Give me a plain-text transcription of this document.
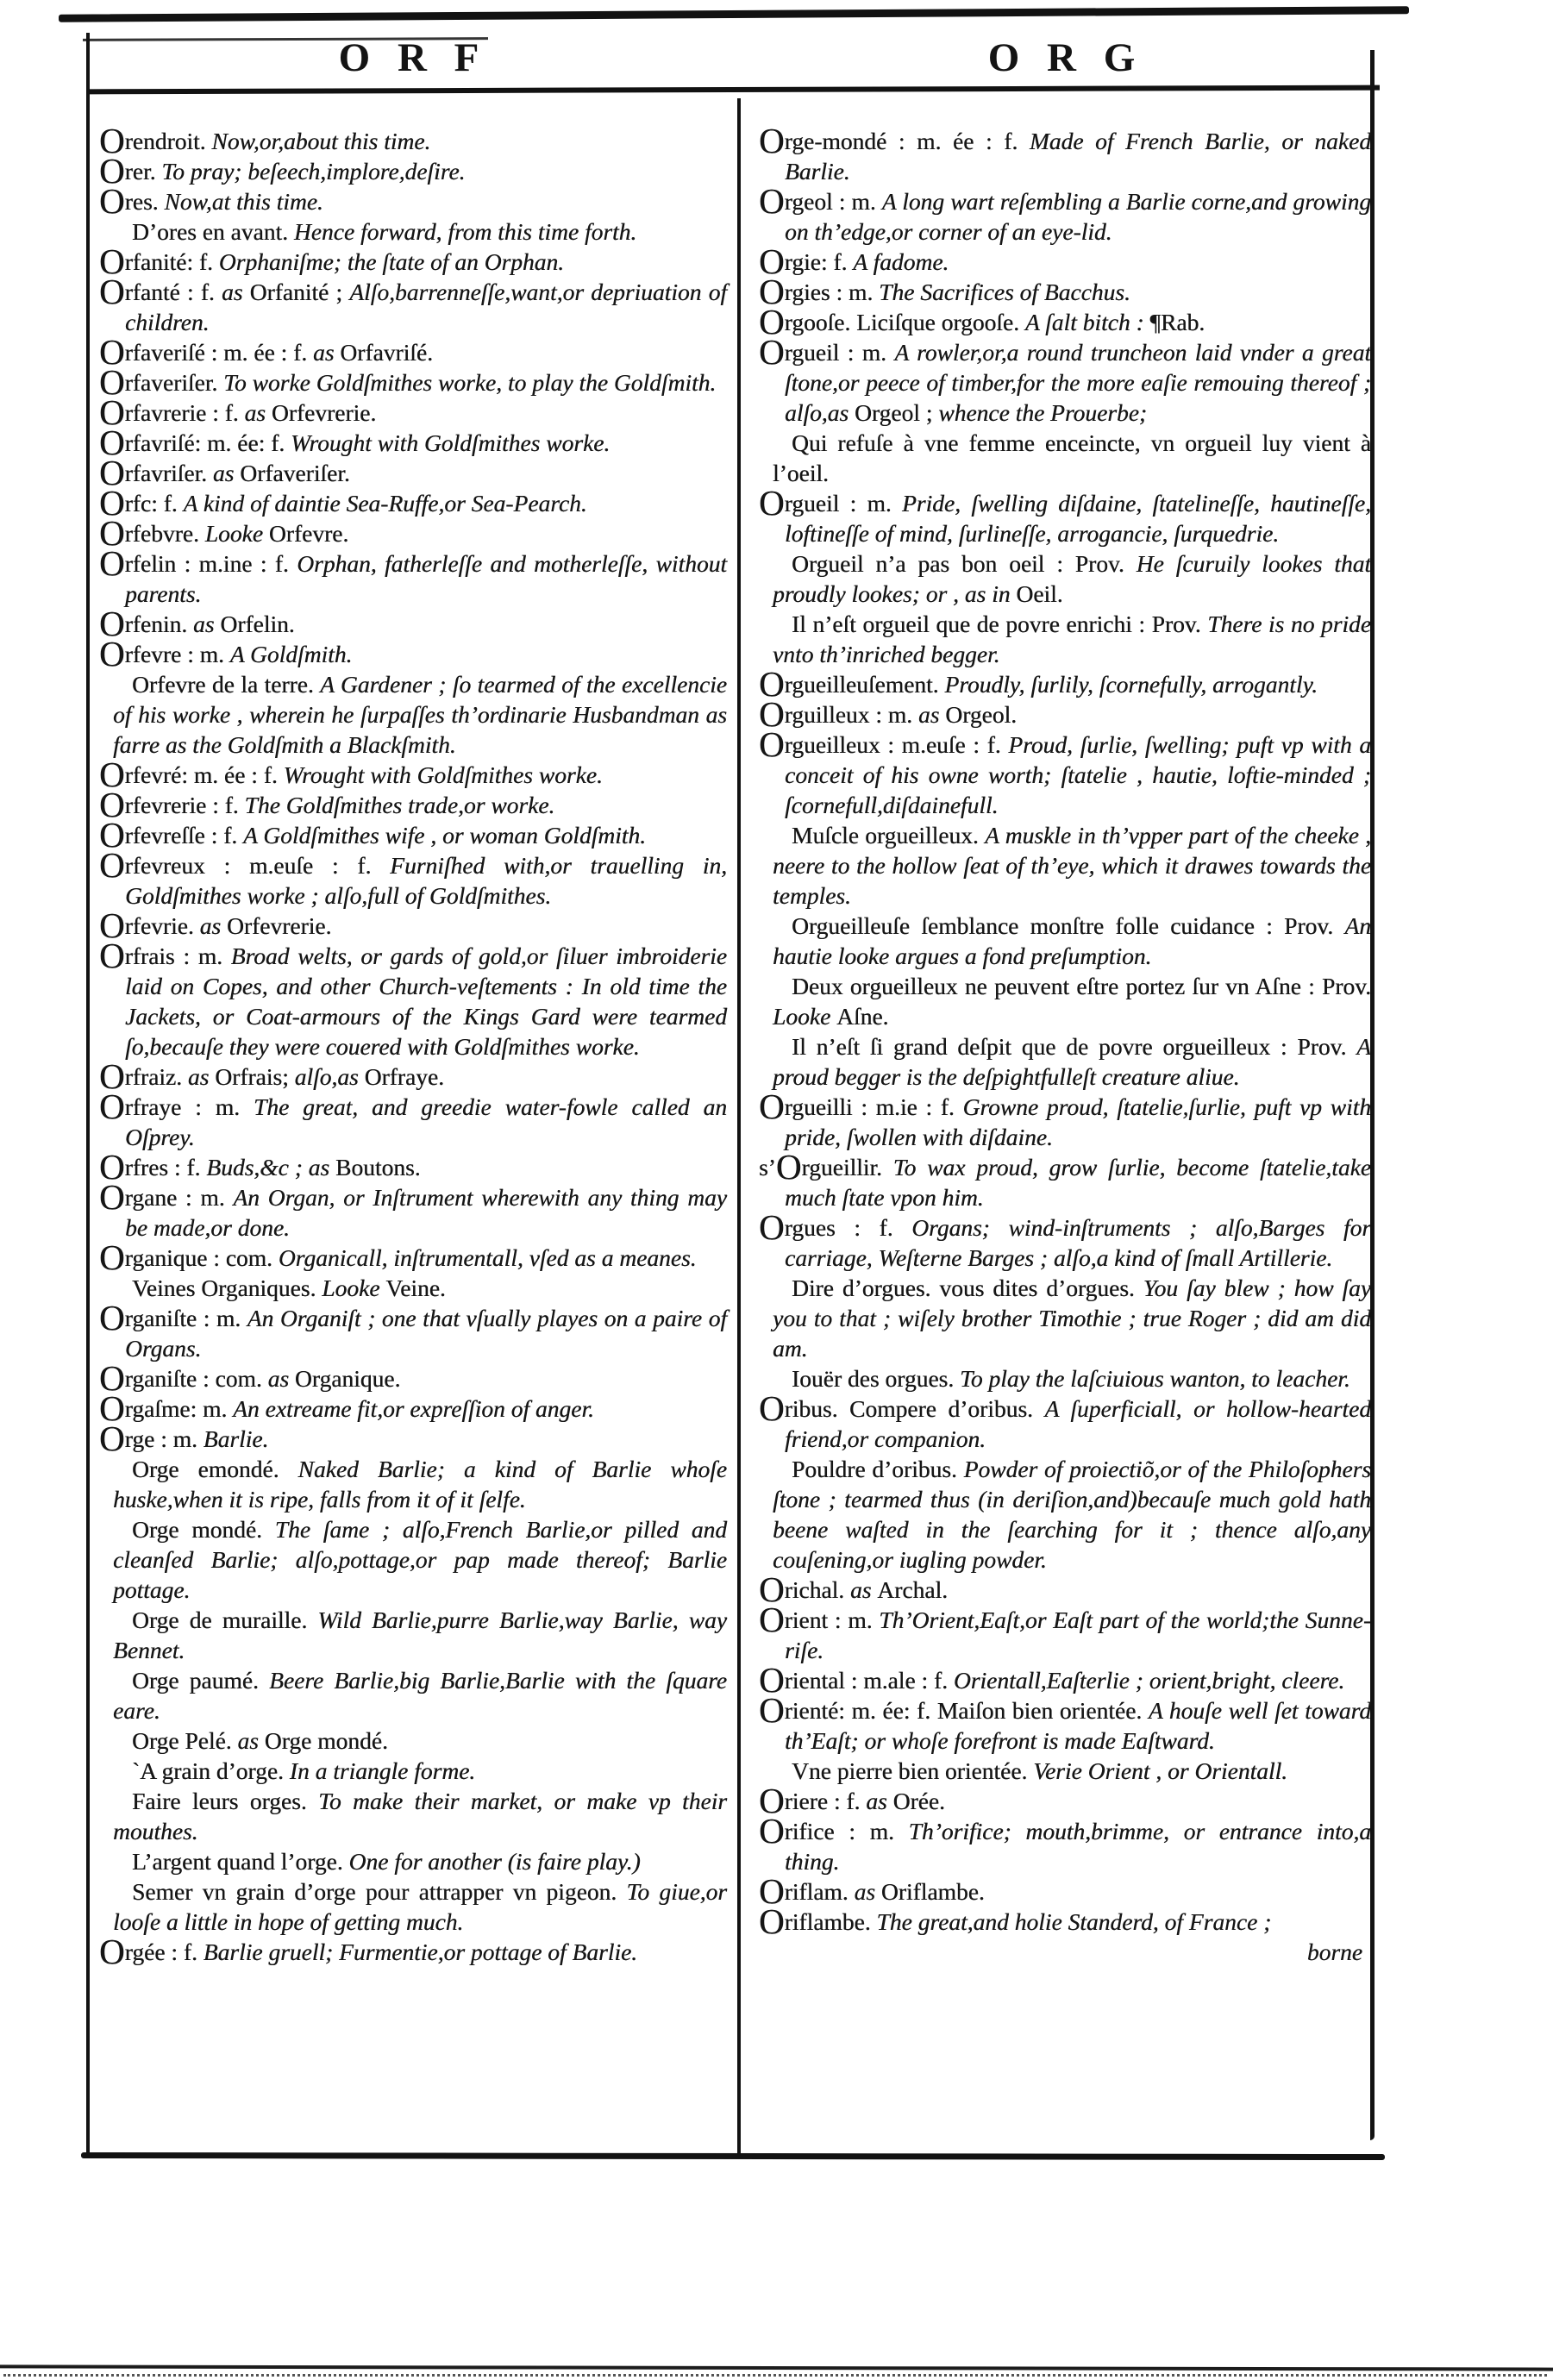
O R F	O R G

Orendroit. Now,or,about this time.

Orer. To pray; beſeech,implore,deſire.

Ores. Now,at this time.

D’ores en avant. Hence forward, from this time forth.

Orfanité: f. Orphaniſme; the ſtate of an Orphan.

Orfanté : f. as Orfanité ; Alſo,barrenneſſe,want,or depriuation of children.

Orfaveriſé : m. ée : f. as Orfavriſé.

Orfaveriſer. To worke Goldſmithes worke, to play the Goldſmith.

Orfavrerie : f. as Orfevrerie.

Orfavriſé: m. ée: f. Wrought with Goldſmithes worke.

Orfavriſer. as Orfaveriſer.

Orfc: f. A kind of daintie Sea-Ruffe,or Sea-Pearch.

Orfebvre. Looke Orfevre.

Orfelin : m.ine : f. Orphan, fatherleſſe and motherleſſe, without parents.

Orfenin. as Orfelin.

Orfevre : m. A Goldſmith.

Orfevre de la terre. A Gardener ; ſo tearmed of the excellencie of his worke , wherein he ſurpaſſes th’ordinarie Husbandman as farre as the Goldſmith a Blackſmith.

Orfevré: m. ée : f. Wrought with Goldſmithes worke.

Orfevrerie : f. The Goldſmithes trade,or worke.

Orfevreſſe : f. A Goldſmithes wife , or woman Goldſmith.

Orfevreux : m.euſe : f. Furniſhed with,or trauelling in, Goldſmithes worke ; alſo,full of Goldſmithes.

Orfevrie. as Orfevrerie.

Orfrais : m. Broad welts, or gards of gold,or ſiluer imbroiderie laid on Copes, and other Church-veſtements : In old time the Jackets, or Coat-armours of the Kings Gard were tearmed ſo,becauſe they were couered with Goldſmithes worke.

Orfraiz. as Orfrais; alſo,as Orfraye.

Orfraye : m. The great, and greedie water-fowle called an Oſprey.

Orfres : f. Buds,&c ; as Boutons.

Organe : m. An Organ, or Inſtrument wherewith any thing may be made,or done.

Organique : com. Organicall, inſtrumentall, vſed as a meanes.

Veines Organiques. Looke Veine.

Organiſte : m. An Organiſt ; one that vſually playes on a paire of Organs.

Organiſte : com. as Organique.

Orgaſme: m. An extreame fit,or expreſſion of anger.

Orge : m. Barlie.

Orge emondé. Naked Barlie; a kind of Barlie whoſe huske,when it is ripe, falls from it of it ſelfe.

Orge mondé. The ſame ; alſo,French Barlie,or pilled and cleanſed Barlie; alſo,pottage,or pap made thereof; Barlie pottage.

Orge de muraille. Wild Barlie,purre Barlie,way Barlie, way Bennet.

Orge paumé. Beere Barlie,big Barlie,Barlie with the ſquare eare.

Orge Pelé. as Orge mondé.

`A grain d’orge. In a triangle forme.

Faire leurs orges. To make their market, or make vp their mouthes.

L’argent quand l’orge. One for another (is faire play.)

Semer vn grain d’orge pour attrapper vn pigeon. To giue,or looſe a little in hope of getting much.

Orgée : f. Barlie gruell; Furmentie,or pottage of Barlie.

Orge-mondé : m. ée : f. Made of French Barlie, or naked Barlie.

Orgeol : m. A long wart reſembling a Barlie corne,and growing on th’edge,or corner of an eye-lid.

Orgie: f. A fadome.

Orgies : m. The Sacrifices of Bacchus.

Orgooſe. Liciſque orgooſe. A ſalt bitch : ¶Rab.

Orgueil : m. A rowler,or,a round truncheon laid vnder a great ſtone,or peece of timber,for the more eaſie remouing thereof ; alſo,as Orgeol ; whence the Prouerbe;

Qui refuſe à vne femme enceincte, vn orgueil luy vient à l’oeil.

Orgueil : m. Pride, ſwelling diſdaine, ſtatelineſſe, hautineſſe, loftineſſe of mind, ſurlineſſe, arrogancie, ſurquedrie.

Orgueil n’a pas bon oeil : Prov. He ſcuruily lookes that proudly lookes; or , as in Oeil.

Il n’eſt orgueil que de povre enrichi : Prov. There is no pride vnto th’inriched begger.

Orgueilleuſement. Proudly, ſurlily, ſcornefully, arrogantly.

Orguilleux : m. as Orgeol.

Orgueilleux : m.euſe : f. Proud, ſurlie, ſwelling; puft vp with a conceit of his owne worth; ſtatelie , hautie, loftie-minded ; ſcornefull,diſdainefull.

Muſcle orgueilleux. A muskle in th’vpper part of the cheeke , neere to the hollow ſeat of th’eye, which it drawes towards the temples.

Orgueilleuſe ſemblance monſtre folle cuidance : Prov. An hautie looke argues a fond preſumption.

Deux orgueilleux ne peuvent eſtre portez ſur vn Aſne : Prov. Looke Aſne.

Il n’eſt ſi grand deſpit que de povre orgueilleux : Prov. A proud begger is the deſpightfulleſt creature aliue.

Orgueilli : m.ie : f. Growne proud, ſtatelie,ſurlie, puft vp with pride, ſwollen with diſdaine.

s’Orgueillir. To wax proud, grow ſurlie, become ſtatelie,take much ſtate vpon him.

Orgues : f. Organs; wind-inſtruments ; alſo,Barges for carriage, Weſterne Barges ; alſo,a kind of ſmall Artillerie.

Dire d’orgues. vous dites d’orgues. You ſay blew ; how ſay you to that ; wiſely brother Timothie ; true Roger ; did am did am.

Iouër des orgues. To play the laſciuious wanton, to leacher.

Oribus. Compere d’oribus. A ſuperficiall, or hollow-hearted friend,or companion.

Pouldre d’oribus. Powder of proiectiõ,or of the Philoſophers ſtone ; tearmed thus (in deriſion,and)becauſe much gold hath beene waſted in the ſearching for it ; thence alſo,any couſening,or iugling powder.

Orichal. as Archal.

Orient : m. Th’Orient,Eaſt,or Eaſt part of the world;the Sunne-riſe.

Oriental : m.ale : f. Orientall,Eaſterlie ; orient,bright, cleere.

Orienté: m. ée: f. Maiſon bien orientée. A houſe well ſet toward th’Eaſt; or whoſe forefront is made Eaſtward.

Vne pierre bien orientée. Verie Orient , or Orientall.

Oriere : f. as Orée.

Orifice : m. Th’orifice; mouth,brimme, or entrance into,a thing.

Oriflam. as Oriflambe.

Oriflambe. The great,and holie Standerd, of France ;

borne
